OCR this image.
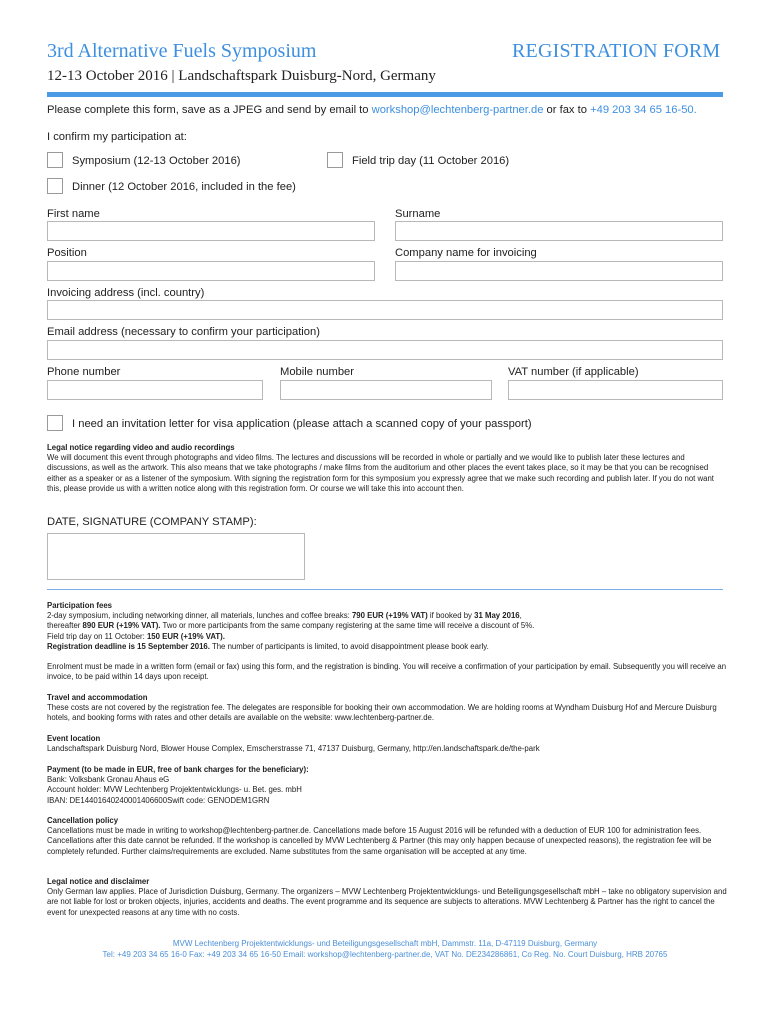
3rd Alternative Fuels Symposium	REGISTRATION FORM
12-13 October 2016 | Landschaftspark Duisburg-Nord, Germany
Please complete this form, save as a JPEG and send by email to workshop@lechtenberg-partner.de or fax to +49 203 34 65 16-50.
I confirm my participation at:
Symposium (12-13 October 2016)	Field trip day (11 October 2016)
Dinner (12 October 2016, included in the fee)
First name	Surname
Position	Company name for invoicing
Invoicing address (incl. country)
Email address (necessary to confirm your participation)
Phone number	Mobile number	VAT number (if applicable)
I need an invitation letter for visa application (please attach a scanned copy of your passport)
Legal notice regarding video and audio recordings
We will document this event through photographs and video films. The lectures and discussions will be recorded in whole or partially and we would like to publish later these lectures and discussions, as well as the artwork. This also means that we take photographs / make films from the auditorium and other places the event takes place, so it may be that you can be recognised either as a speaker or as a listener of the symposium. With signing the registration form for this symposium you expressly agree that we make such recording and publish later. If you do not want this, please provide us with a written notice along with this registration form. Or course we will take this into account then.
DATE, SIGNATURE (COMPANY STAMP):
Participation fees
2-day symposium, including networking dinner, all materials, lunches and coffee breaks: 790 EUR (+19% VAT) if booked by 31 May 2016,
thereafter 890 EUR (+19% VAT). Two or more participants from the same company registering at the same time will receive a discount of 5%.
Field trip day on 11 October: 150 EUR (+19% VAT).
Registration deadline is 15 September 2016. The number of participants is limited, to avoid disappointment please book early.
Enrolment must be made in a written form (email or fax) using this form, and the registration is binding. You will receive a confirmation of your participation by email. Subsequently you will receive an invoice, to be paid within 14 days upon receipt.
Travel and accommodation
These costs are not covered by the registration fee. The delegates are responsible for booking their own accommodation. We are holding rooms at Wyndham Duisburg Hof and Mercure Duisburg hotels, and booking forms with rates and other details are available on the website: www.lechtenberg-partner.de.
Event location
Landschaftspark Duisburg Nord, Blower House Complex, Emscherstrasse 71, 47137 Duisburg, Germany, http://en.landschaftspark.de/the-park
Payment (to be made in EUR, free of bank charges for the beneficiary):
Bank: Volksbank Gronau Ahaus eG
Account holder: MVW Lechtenberg Projektentwicklungs- u. Bet. ges. mbH
IBAN: DE14401640240001406600Swift code: GENODEM1GRN
Cancellation policy
Cancellations must be made in writing to workshop@lechtenberg-partner.de. Cancellations made before 15 August 2016 will be refunded with a deduction of EUR 100 for administration fees. Cancellations after this date cannot be refunded. If the workshop is cancelled by MVW Lechtenberg & Partner (this may only happen because of unexpected reasons), the registration fee will be completely refunded. Further claims/requirements are excluded. Name substitutes from the same organisation will be accepted at any time.
Legal notice and disclaimer
Only German law applies. Place of Jurisdiction Duisburg, Germany. The organizers – MVW Lechtenberg Projektentwicklungs- und Beteiligungsgesellschaft mbH – take no obligatory supervision and are not liable for lost or broken objects, injuries, accidents and deaths. The event programme and its sequence are subjects to alterations. MVW Lechtenberg & Partner has the right to cancel the event for unexpected reasons at any time with no costs.
MVW Lechtenberg Projektentwicklungs- und Beteiligungsgesellschaft mbH, Dammstr. 11a, D-47119 Duisburg, Germany
Tel: +49 203 34 65 16-0 Fax: +49 203 34 65 16-50 Email: workshop@lechtenberg-partner.de, VAT No. DE234286861, Co Reg. No. Court Duisburg, HRB 20765
